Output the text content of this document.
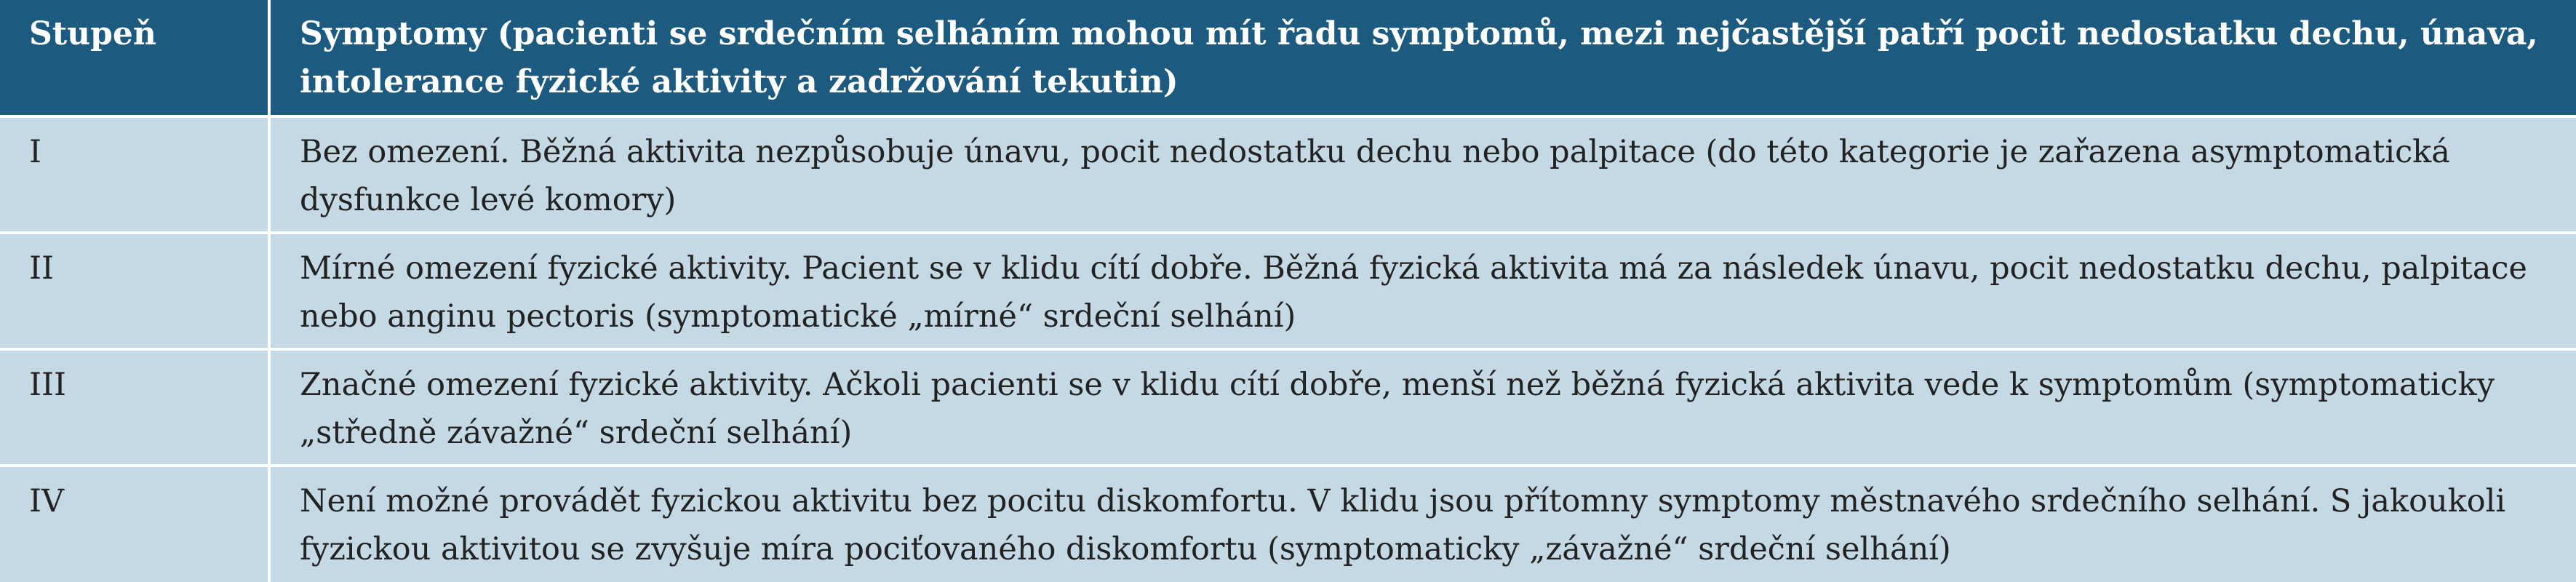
Stupeň	Symptomy (pacienti se srdečním selháním mohou mít řadu symptomů, mezi nejčastější patří pocit nedostatku dechu, únava, intolerance fyzické aktivity a zadržování tekutin)
I	Bez omezení. Běžná aktivita nezpůsobuje únavu, pocit nedostatku dechu nebo palpitace (do této kategorie je zařazena asymptomatická dysfunkce levé komory)
II	Mírné omezení fyzické aktivity. Pacient se v klidu cítí dobře. Běžná fyzická aktivita má za následek únavu, pocit nedostatku dechu, palpitace nebo anginu pectoris (symptomatické „mírné“ srdeční selhání)
III	Značné omezení fyzické aktivity. Ačkoli pacienti se v klidu cítí dobře, menší než běžná fyzická aktivita vede k symptomům (symptomaticky „středně závažné“ srdeční selhání)
IV	Není možné provádět fyzickou aktivitu bez pocitu diskomfortu. V klidu jsou přítomny symptomy městnavého srdečního selhání. S jakoukoli fyzickou aktivitou se zvyšuje míra pociťovaného diskomfortu (symptomaticky „závažné“ srdeční selhání)
